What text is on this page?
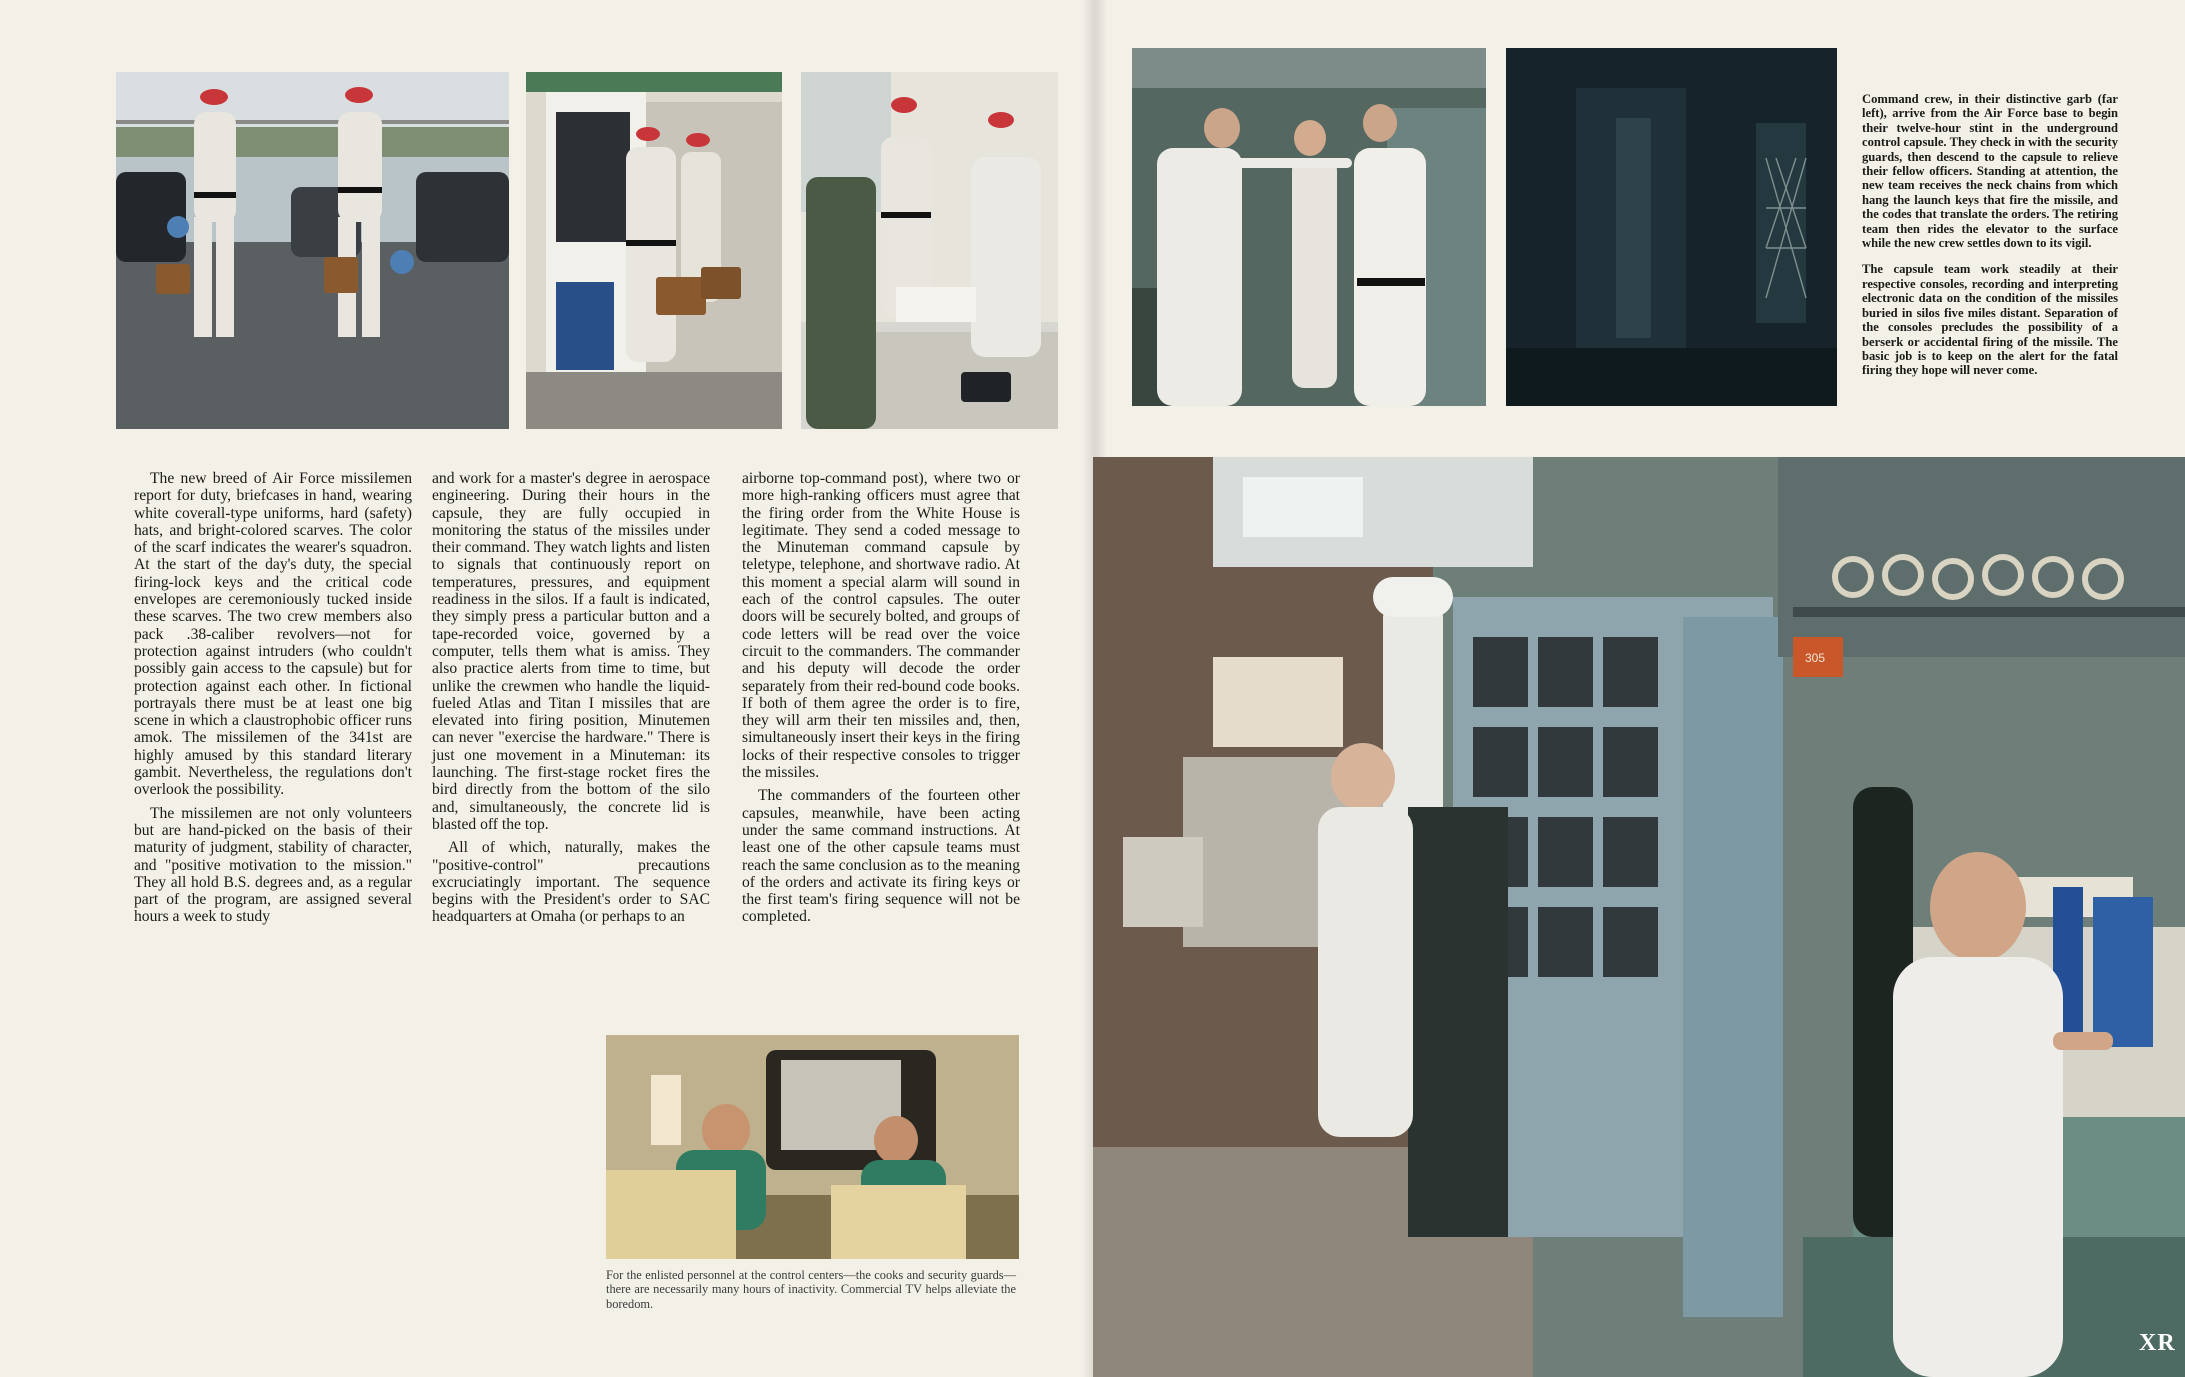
305

The new breed of Air Force missilemen report for duty, briefcases in hand, wearing white coverall-type uniforms, hard (safety) hats, and bright-colored scarves. The color of the scarf indicates the wearer's squadron. At the start of the day's duty, the special firing-lock keys and the critical code envelopes are ceremoniously tucked inside these scarves. The two crew members also pack .38-caliber revolvers—not for protection against intruders (who couldn't possibly gain access to the capsule) but for protection against each other. In fictional portrayals there must be at least one big scene in which a claustrophobic officer runs amok. The missilemen of the 341st are highly amused by this standard literary gambit. Nevertheless, the regulations don't overlook the possibility.

The missilemen are not only volunteers but are hand-picked on the basis of their maturity of judgment, stability of character, and "positive motivation to the mission." They all hold B.S. degrees and, as a regular part of the program, are assigned several hours a week to study

and work for a master's degree in aerospace engineering. During their hours in the capsule, they are fully occupied in monitoring the status of the missiles under their command. They watch lights and listen to signals that continuously report on temperatures, pressures, and equipment readiness in the silos. If a fault is indicated, they simply press a particular button and a tape-recorded voice, governed by a computer, tells them what is amiss. They also practice alerts from time to time, but unlike the crewmen who handle the liquid-fueled Atlas and Titan I missiles that are elevated into firing position, Minutemen can never "exercise the hardware." There is just one movement in a Minuteman: its launching. The first-stage rocket fires the bird directly from the bottom of the silo and, simultaneously, the concrete lid is blasted off the top.

All of which, naturally, makes the "positive-control" precautions excruciatingly important. The sequence begins with the President's order to SAC headquarters at Omaha (or perhaps to an

airborne top-command post), where two or more high-ranking officers must agree that the firing order from the White House is legitimate. They send a coded message to the Minuteman command capsule by teletype, telephone, and shortwave radio. At this moment a special alarm will sound in each of the control capsules. The outer doors will be securely bolted, and groups of code letters will be read over the voice circuit to the commanders. The commander and his deputy will decode the order separately from their red-bound code books. If both of them agree the order is to fire, they will arm their ten missiles and, then, simultaneously insert their keys in the firing locks of their respective consoles to trigger the missiles.

The commanders of the fourteen other capsules, meanwhile, have been acting under the same command instructions. At least one of the other capsule teams must reach the same conclusion as to the meaning of the orders and activate its firing keys or the first team's firing sequence will not be completed.

Command crew, in their distinctive garb (far left), arrive from the Air Force base to begin their twelve-hour stint in the underground control capsule. They check in with the security guards, then descend to the capsule to relieve their fellow officers. Standing at attention, the new team receives the neck chains from which hang the launch keys that fire the missile, and the codes that translate the orders. The retiring team then rides the elevator to the surface while the new crew settles down to its vigil.

The capsule team work steadily at their respective consoles, recording and interpreting electronic data on the condition of the missiles buried in silos five miles distant. Separation of the consoles precludes the possibility of a berserk or accidental firing of the missile. The basic job is to keep on the alert for the fatal firing they hope will never come.

For the enlisted personnel at the control centers—the cooks and security guards—there are necessarily many hours of inactivity. Commercial TV helps alleviate the boredom.
XR
